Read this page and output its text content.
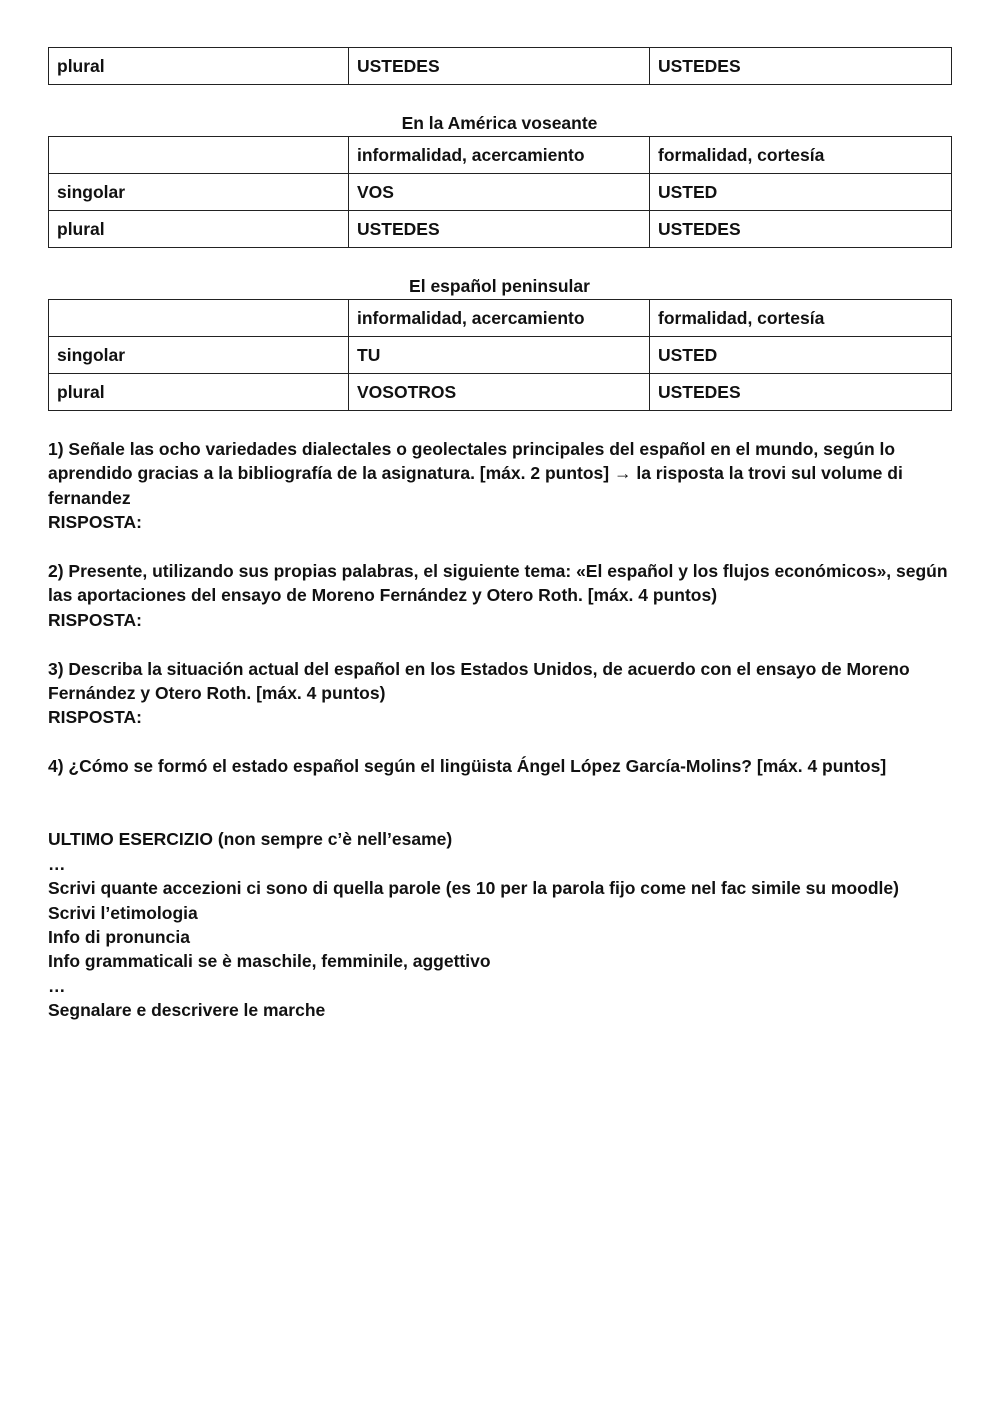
plural	USTEDES	USTEDES
En la América voseante
	informalidad, acercamiento	formalidad, cortesía
singolar	VOS	USTED
plural	USTEDES	USTEDES
El español peninsular
	informalidad, acercamiento	formalidad, cortesía
singolar	TU	USTED
plural	VOSOTROS	USTEDES

1) Señale las ocho variedades dialectales o geolectales principales del español en el mundo, según lo aprendido gracias a la bibliografía de la asignatura. [máx. 2 puntos] → la risposta la trovi sul volume di fernandez

RISPOSTA:

2) Presente, utilizando sus propias palabras, el siguiente tema: «El español y los flujos económicos», según las aportaciones del ensayo de Moreno Fernández y Otero Roth. [máx. 4 puntos)

RISPOSTA:

3) Describa la situación actual del español en los Estados Unidos, de acuerdo con el ensayo de Moreno Fernández y Otero Roth. [máx. 4 puntos)

RISPOSTA:

4) ¿Cómo se formó el estado español según el lingüista Ángel López García-Molins? [máx. 4 puntos]

ULTIMO ESERCIZIO (non sempre c’è nell’esame)

…

Scrivi quante accezioni ci sono di quella parole (es 10 per la parola fijo come nel fac simile su moodle)

Scrivi l’etimologia

Info di pronuncia

Info grammaticali se è maschile, femminile, aggettivo

…

Segnalare e descrivere le marche
